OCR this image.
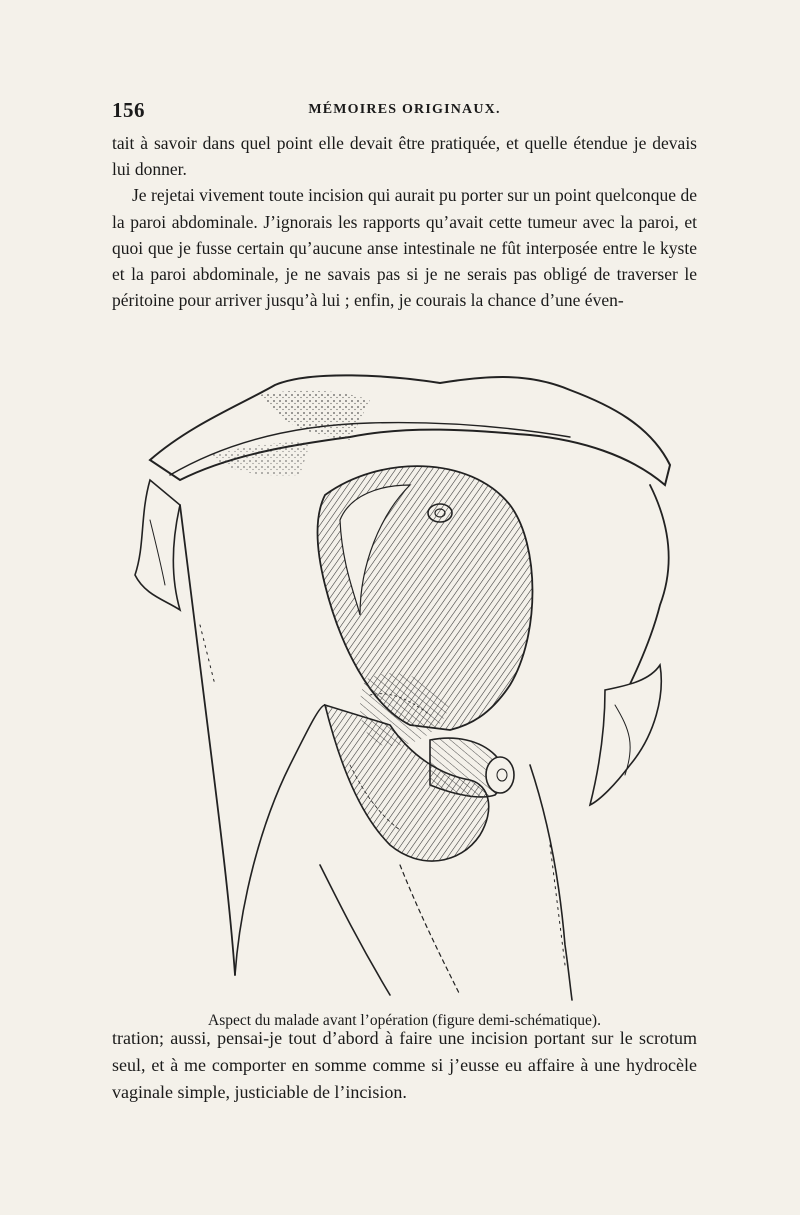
156	MÉMOIRES ORIGINAUX.

tait à savoir dans quel point elle devait être pratiquée, et quelle étendue je devais lui donner.

Je rejetai vivement toute incision qui aurait pu porter sur un point quelconque de la paroi abdominale. J’ignorais les rapports qu’avait cette tumeur avec la paroi, et quoi que je fusse certain qu’aucune anse intestinale ne fût interposée entre le kyste et la paroi abdominale, je ne savais pas si je ne serais pas obligé de traverser le péritoine pour arriver jusqu’à lui ; enfin, je courais la chance d’une éven-

Aspect du malade avant l’opération (figure demi-schématique).

tration; aussi, pensai-je tout d’abord à faire une incision portant sur le scrotum seul, et à me comporter en somme comme si j’eusse eu affaire à une hydrocèle vaginale simple, justiciable de l’incision.
